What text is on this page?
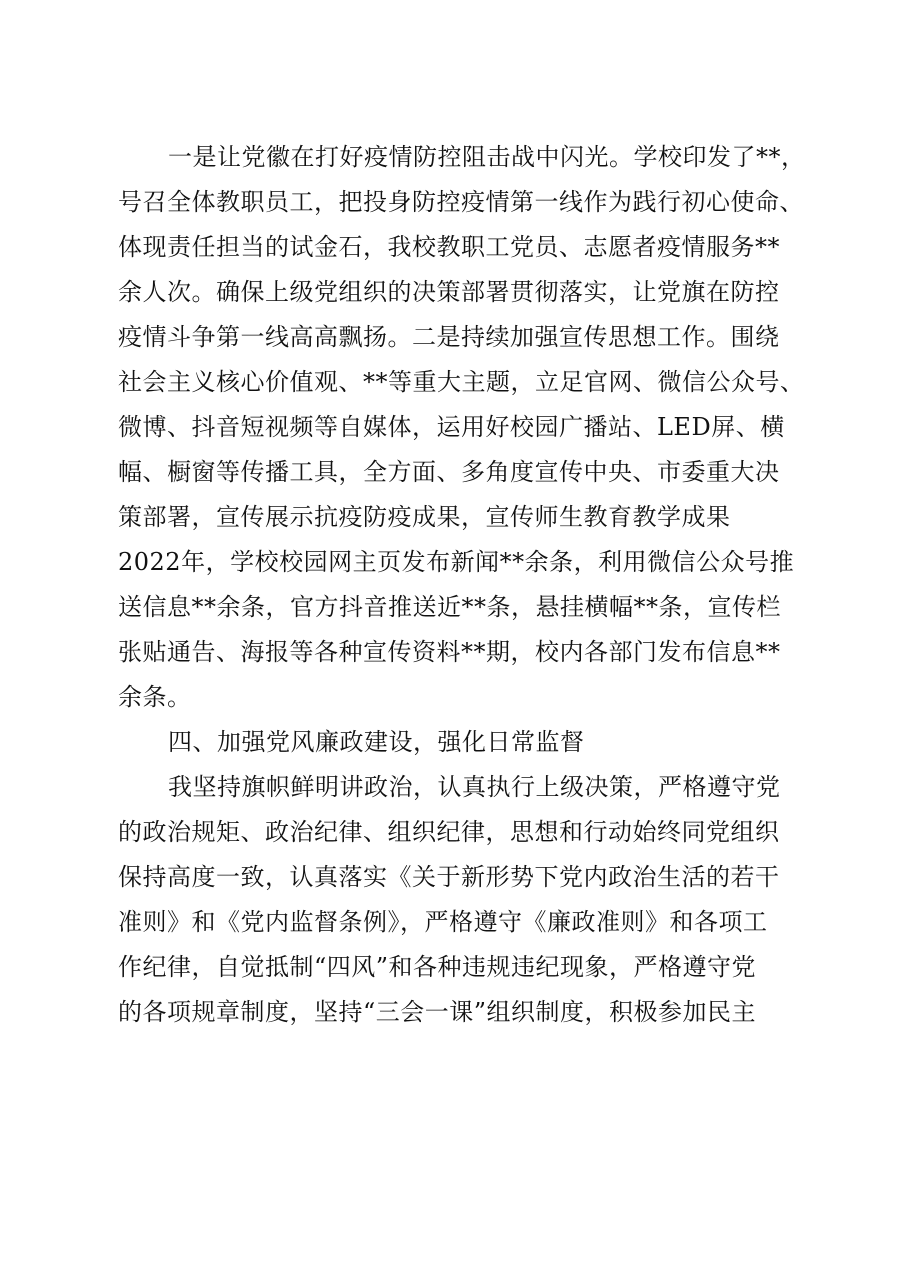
一是让党徽在打好疫情防控阻击战中闪光。学校印发了**，
号召全体教职员工，把投身防控疫情第一线作为践行初心使命、
体现责任担当的试金石，我校教职工党员、志愿者疫情服务**
余人次。确保上级党组织的决策部署贯彻落实，让党旗在防控
疫情斗争第一线高高飘扬。二是持续加强宣传思想工作。围绕
社会主义核心价值观、**等重大主题，立足官网、微信公众号、
微博、抖音短视频等自媒体，运用好校园广播站、LED屏、横
幅、橱窗等传播工具，全方面、多角度宣传中央、市委重大决
策部署，宣传展示抗疫防疫成果，宣传师生教育教学成果
2022年，学校校园网主页发布新闻**余条，利用微信公众号推
送信息**余条，官方抖音推送近**条，悬挂横幅**条，宣传栏
张贴通告、海报等各种宣传资料**期，校内各部门发布信息**
余条。
四、加强党风廉政建设，强化日常监督
我坚持旗帜鲜明讲政治，认真执行上级决策，严格遵守党
的政治规矩、政治纪律、组织纪律，思想和行动始终同党组织
保持高度一致，认真落实《关于新形势下党内政治生活的若干
准则》和《党内监督条例》，严格遵守《廉政准则》和各项工
作纪律，自觉抵制“四风”和各种违规违纪现象，严格遵守党
的各项规章制度，坚持“三会一课”组织制度，积极参加民主
